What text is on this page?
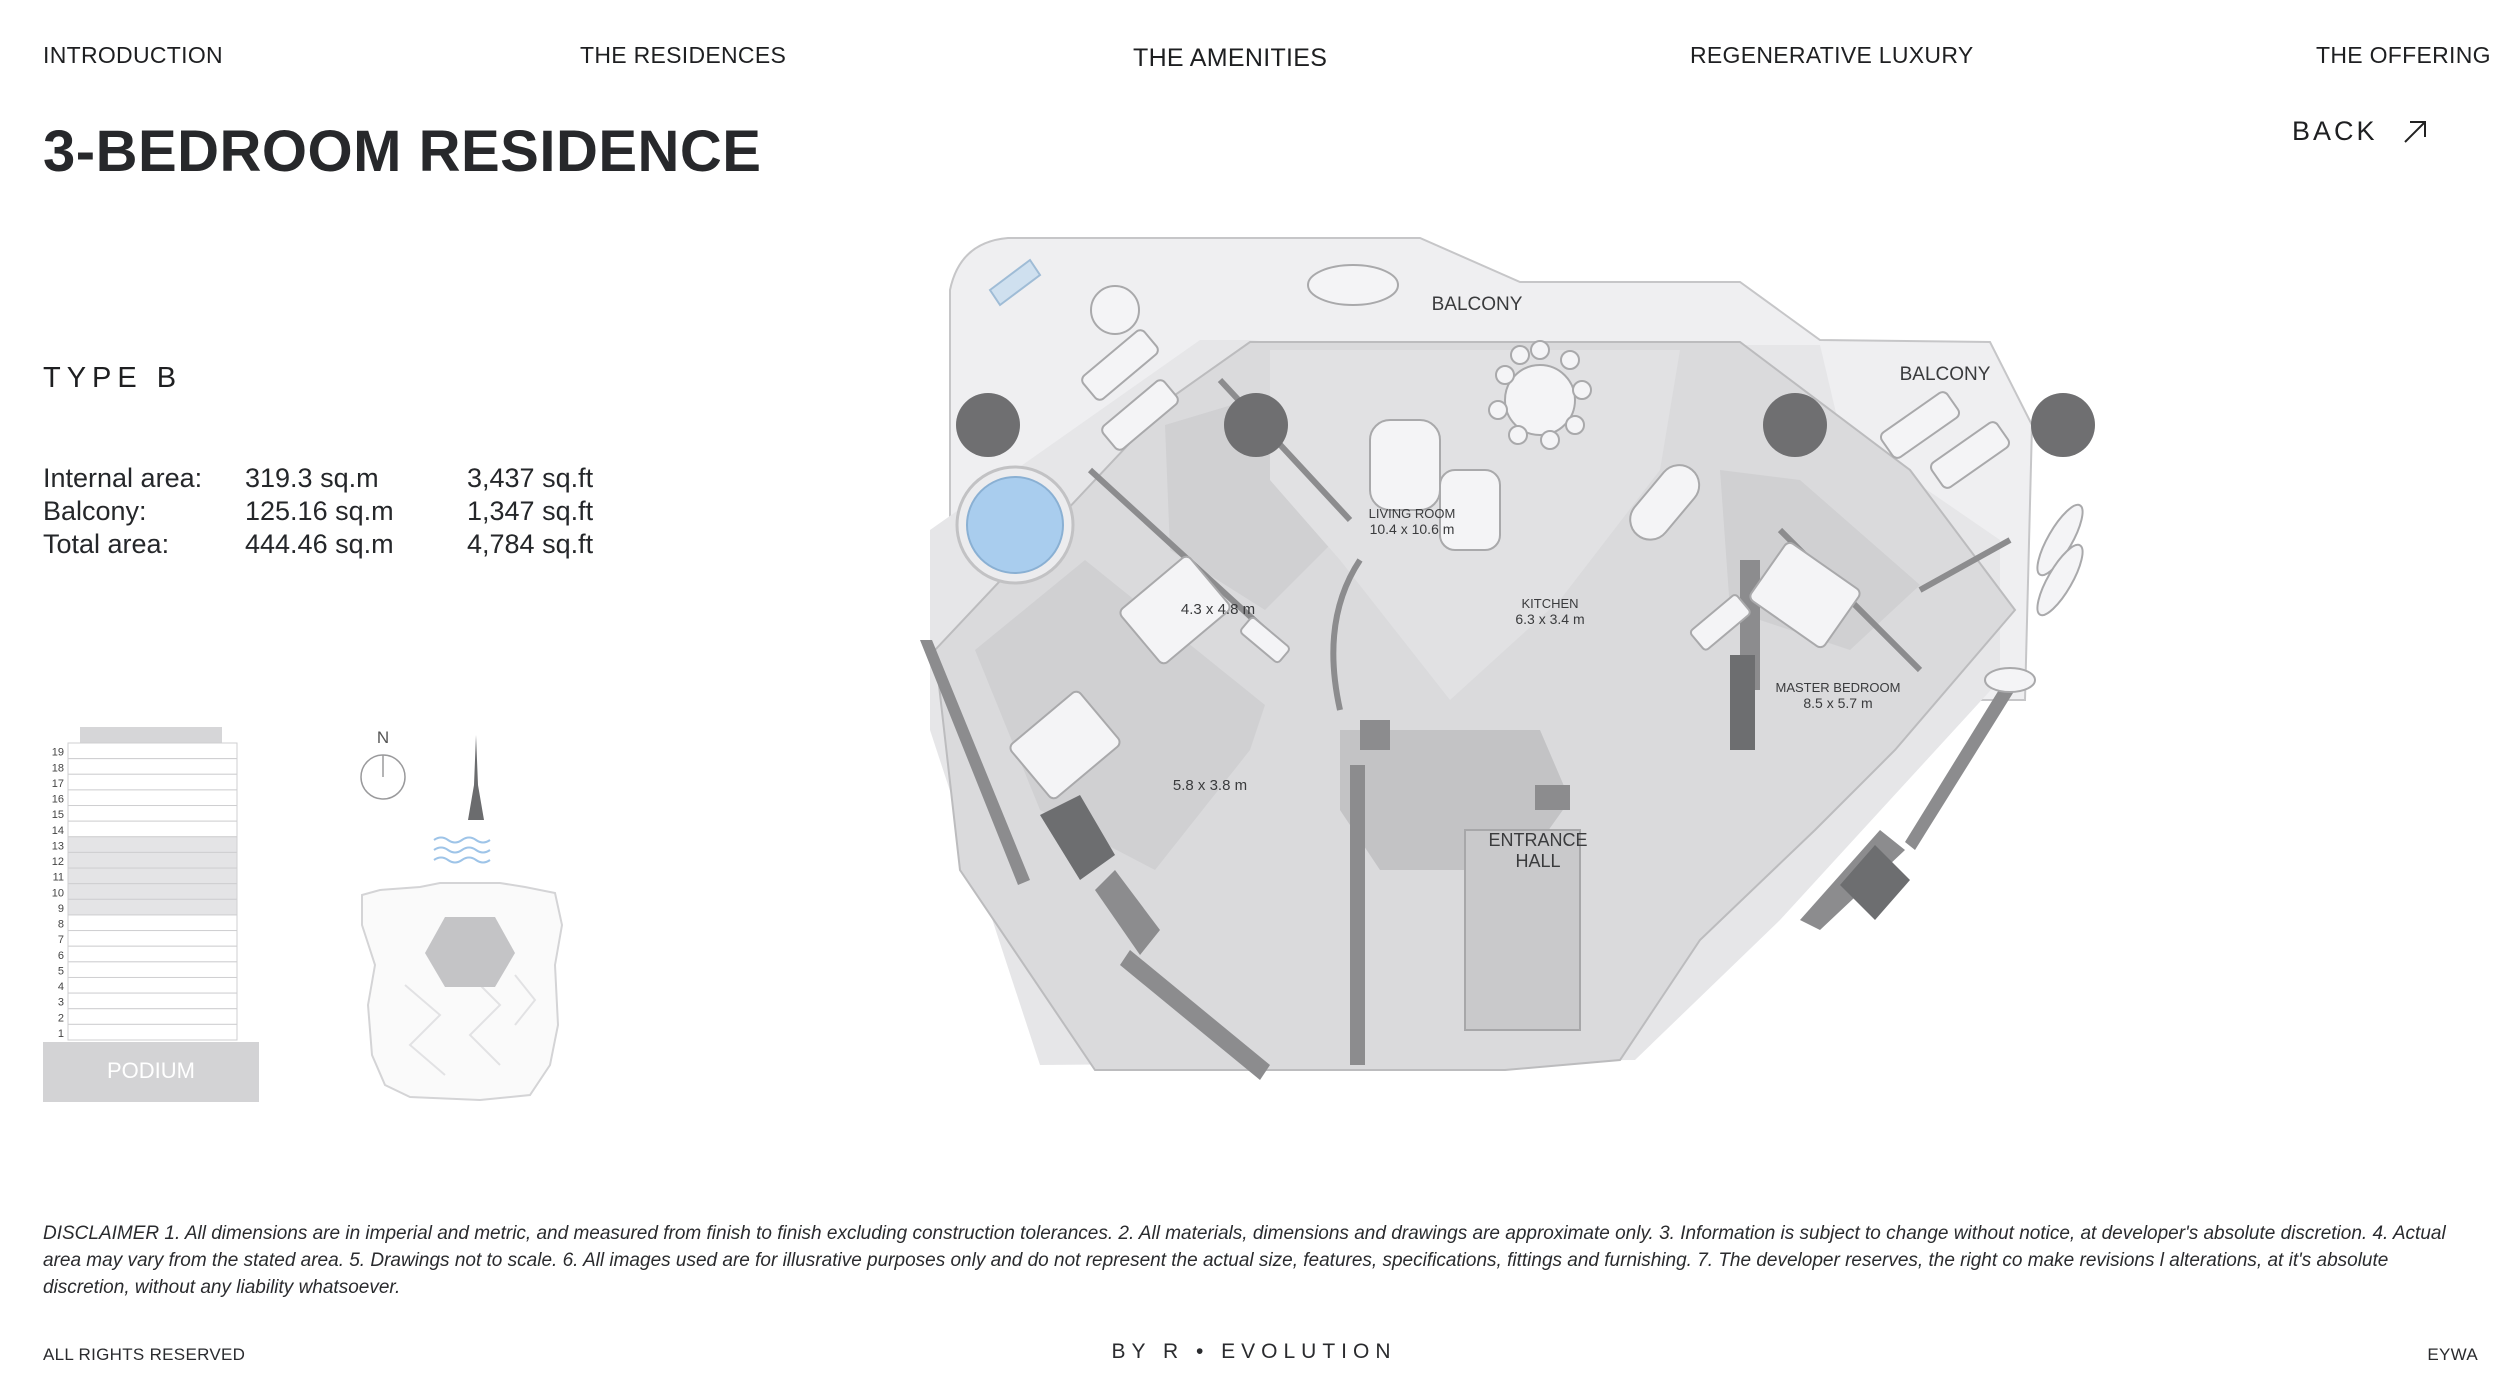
INTRODUCTION	THE RESIDENCES	THE AMENITIES	REGENERATIVE LUXURY	THE OFFERING
3-BEDROOM RESIDENCE	BACK
TYPE B
Internal area:	319.3 sq.m	3,437 sq.ft
Balcony:	125.16 sq.m	1,347 sq.ft
Total area:	444.46 sq.m	4,784 sq.ft
19
18
17
16
15
14
13
12
11
10
9
8
7
6
5
4
3
2
1
PODIUM
N
BALCONY
BALCONY
LIVING ROOM
10.4 x 10.6 m
KITCHEN
6.3 x 3.4 m
4.3 x 4.8 m
5.8 x 3.8 m
MASTER BEDROOM
8.5 x 5.7 m
ENTRANCE
HALL

DISCLAIMER 1. All dimensions are in imperial and metric, and measured from finish to finish excluding construction tolerances. 2. All materials, dimensions and drawings are approximate only. 3. Information is subject to change without notice, at developer's absolute discretion. 4. Actual area may vary from the stated area. 5. Drawings not to scale. 6. All images used are for illusrative purposes only and do not represent the actual size, features, specifications, fittings and furnishing. 7. The developer reserves, the right co make revisions l alterations, at it's absolute discretion, without any liability whatsoever.

ALL RIGHTS RESERVED	BY R • EVOLUTION	EYWA
